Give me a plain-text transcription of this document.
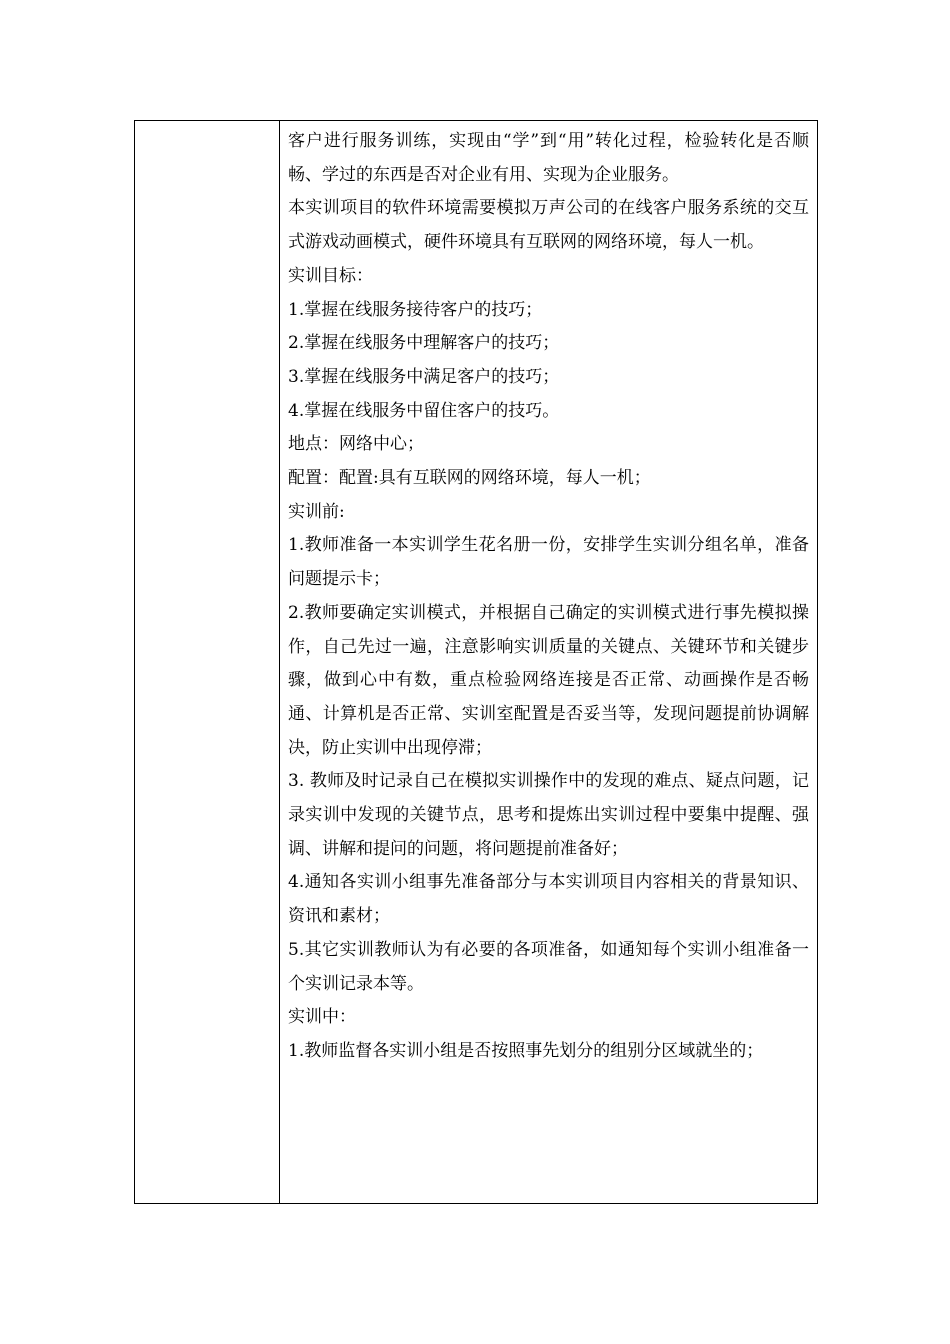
客户进行服务训练，实现由“学”到“用”转化过程，检验转化是否顺畅、学过的东西是否对企业有用、实现为企业服务。

本实训项目的软件环境需要模拟万声公司的在线客户服务系统的交互式游戏动画模式，硬件环境具有互联网的网络环境，每人一机。

实训目标：

1.掌握在线服务接待客户的技巧；

2.掌握在线服务中理解客户的技巧；

3.掌握在线服务中满足客户的技巧；

4.掌握在线服务中留住客户的技巧。

地点：网络中心；

配置：配置:具有互联网的网络环境，每人一机；

实训前:

1.教师准备一本实训学生花名册一份，安排学生实训分组名单，准备问题提示卡；

2.教师要确定实训模式，并根据自己确定的实训模式进行事先模拟操作，自己先过一遍，注意影响实训质量的关键点、关键环节和关键步骤，做到心中有数，重点检验网络连接是否正常、动画操作是否畅通、计算机是否正常、实训室配置是否妥当等，发现问题提前协调解决，防止实训中出现停滞；

3. 教师及时记录自己在模拟实训操作中的发现的难点、疑点问题，记录实训中发现的关键节点，思考和提炼出实训过程中要集中提醒、强调、讲解和提问的问题，将问题提前准备好；

4.通知各实训小组事先准备部分与本实训项目内容相关的背景知识、资讯和素材；

5.其它实训教师认为有必要的各项准备，如通知每个实训小组准备一个实训记录本等。

实训中：

1.教师监督各实训小组是否按照事先划分的组别分区域就坐的；
